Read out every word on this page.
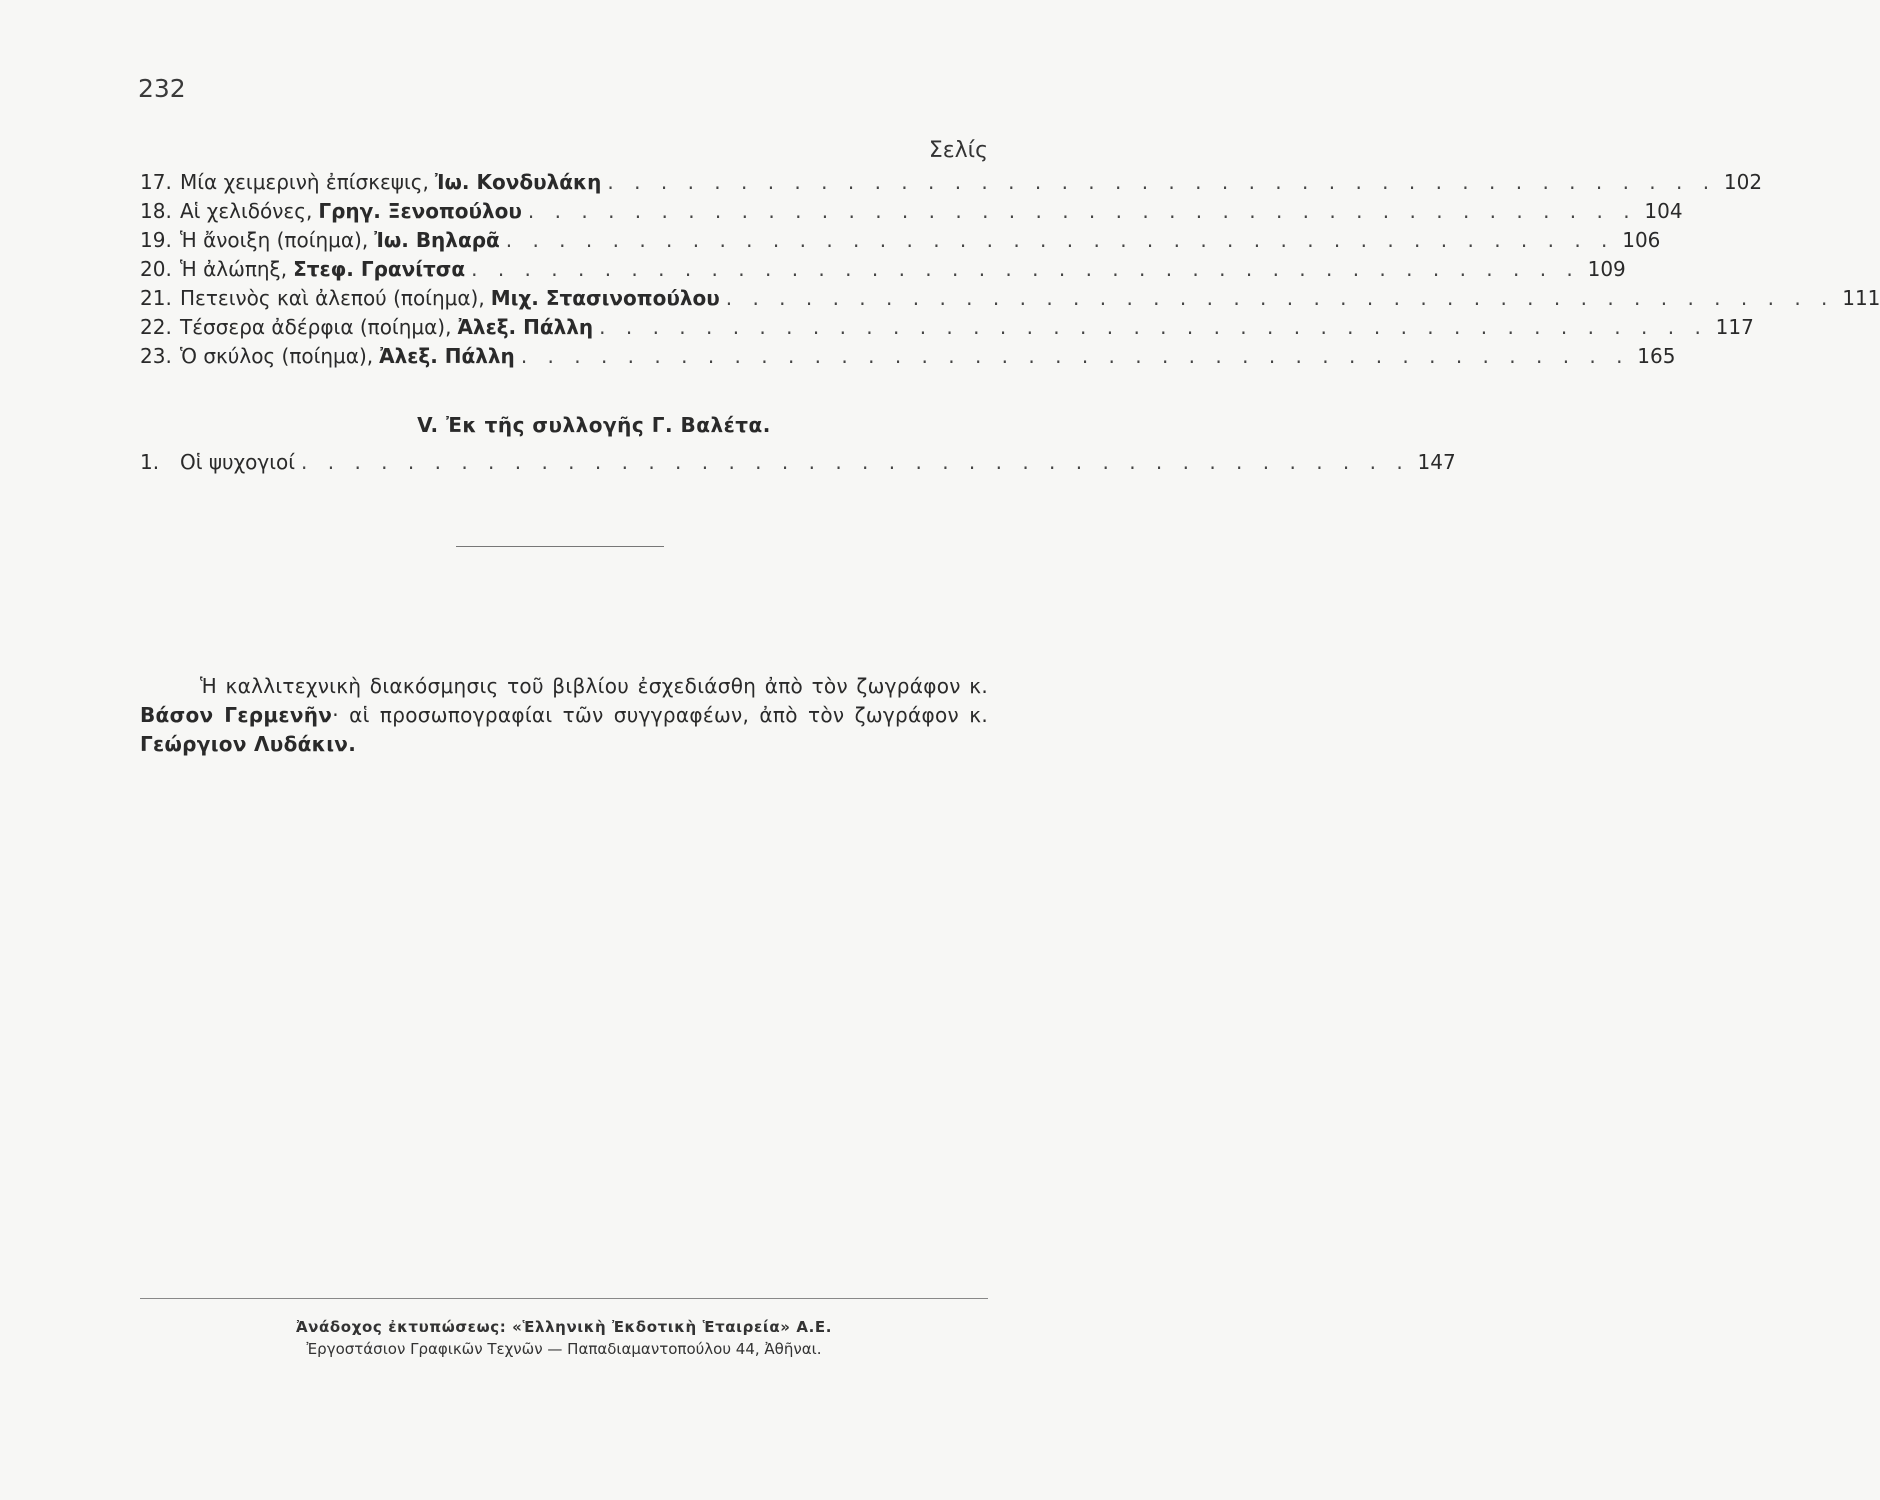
232
Σελίς
17. Μία χειμερινὴ ἐπίσκεψις, Ἰω. Κονδυλάκη . . . . . . . . . . . . . . . . . . . . . . . . . . . . . . . . . . . . . . . . . . 102
18. Αἱ χελιδόνες, Γρηγ. Ξενοπούλου . . . . . . . . . . . . . . . . . . . . . . . . . . . . . . . . . . . . . . . . . . 104
19. Ἡ ἄνοιξη (ποίημα), Ἰω. Βηλαρᾶ . . . . . . . . . . . . . . . . . . . . . . . . . . . . . . . . . . . . . . . . . . 106
20. Ἡ ἀλώπηξ, Στεφ. Γρανίτσα . . . . . . . . . . . . . . . . . . . . . . . . . . . . . . . . . . . . . . . . . . 109
21. Πετεινὸς καὶ ἀλεπού (ποίημα), Μιχ. Στασινοπούλου . . . . . . . . . . . . . . . . . . . . . . . . . . . . . . . . . . . . . . . . . . 111
22. Τέσσερα ἀδέρφια (ποίημα), Ἀλεξ. Πάλλη . . . . . . . . . . . . . . . . . . . . . . . . . . . . . . . . . . . . . . . . . . 117
23. Ὁ σκύλος (ποίημα), Ἀλεξ. Πάλλη . . . . . . . . . . . . . . . . . . . . . . . . . . . . . . . . . . . . . . . . . . 165
V. Ἐκ τῆς συλλογῆς Γ. Βαλέτα.
1.	Οἱ ψυχογιοί . . . . . . . . . . . . . . . . . . . . . . . . . . . . . . . . . . . . . . . . . . 147

Ἡ καλλιτεχνικὴ διακόσμησις τοῦ βιβλίου ἐσχεδιάσθη ἀπὸ τὸν ζωγράφον κ. Βάσον Γερμενῆν· αἱ προσωπογραφίαι τῶν συγγραφέων, ἀπὸ τὸν ζωγράφον κ. Γεώργιον Λυδάκιν.

Ἀνάδοχος ἐκτυπώσεως: «Ἑλληνικὴ Ἐκδοτικὴ Ἑταιρεία» Α.Ε.
Ἐργοστάσιον Γραφικῶν Τεχνῶν — Παπαδιαμαντοπούλου 44, Ἀθῆναι.
